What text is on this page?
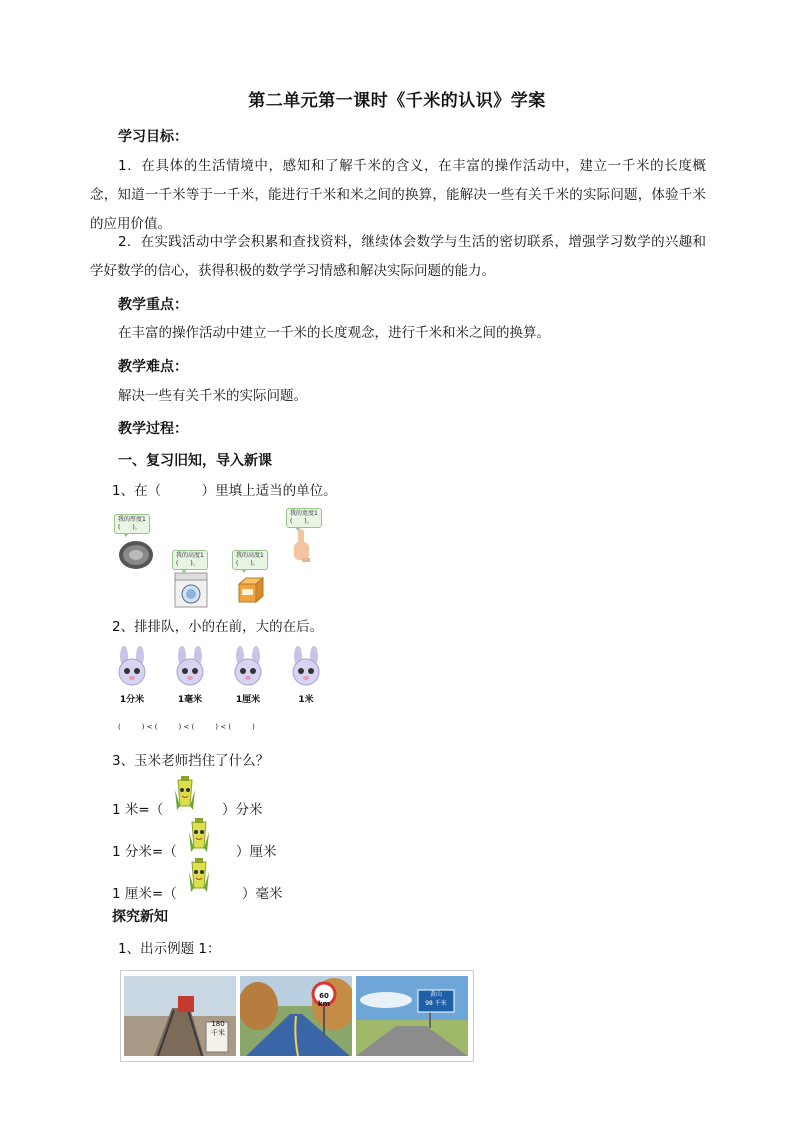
第二单元第一课时《千米的认识》学案
学习目标：
1．在具体的生活情境中，感知和了解千米的含义，在丰富的操作活动中，建立一千米的长度概念，知道一千米等于一千米，能进行千米和米之间的换算，能解决一些有关千米的实际问题，体验千米的应用价值。
2．在实践活动中学会积累和查找资料，继续体会数学与生活的密切联系，增强学习数学的兴趣和学好数学的信心，获得积极的数学学习情感和解决实际问题的能力。
教学重点：
在丰富的操作活动中建立一千米的长度观念，进行千米和米之间的换算。
教学难点：
解决一些有关千米的实际问题。
教学过程：
一、复习旧知，导入新课
1、在（　　　）里填上适当的单位。
我的厚度1
(　　)。
我的高度1
(　　)。
我的高度1
(　　)。
我的宽度1
(　　)。
2、排排队，小的在前，大的在后。
1分米	1毫米	1厘米	1米
(　　　) < (　　　) < (　　　) < (　　　)
3、玉米老师挡住了什么？
1 米=（	）分米
1 分米=（	）厘米
1 厘米=（	）毫米
探究新知
1、出示例题 1：
180
千米
60 km
黄山
98 千米
